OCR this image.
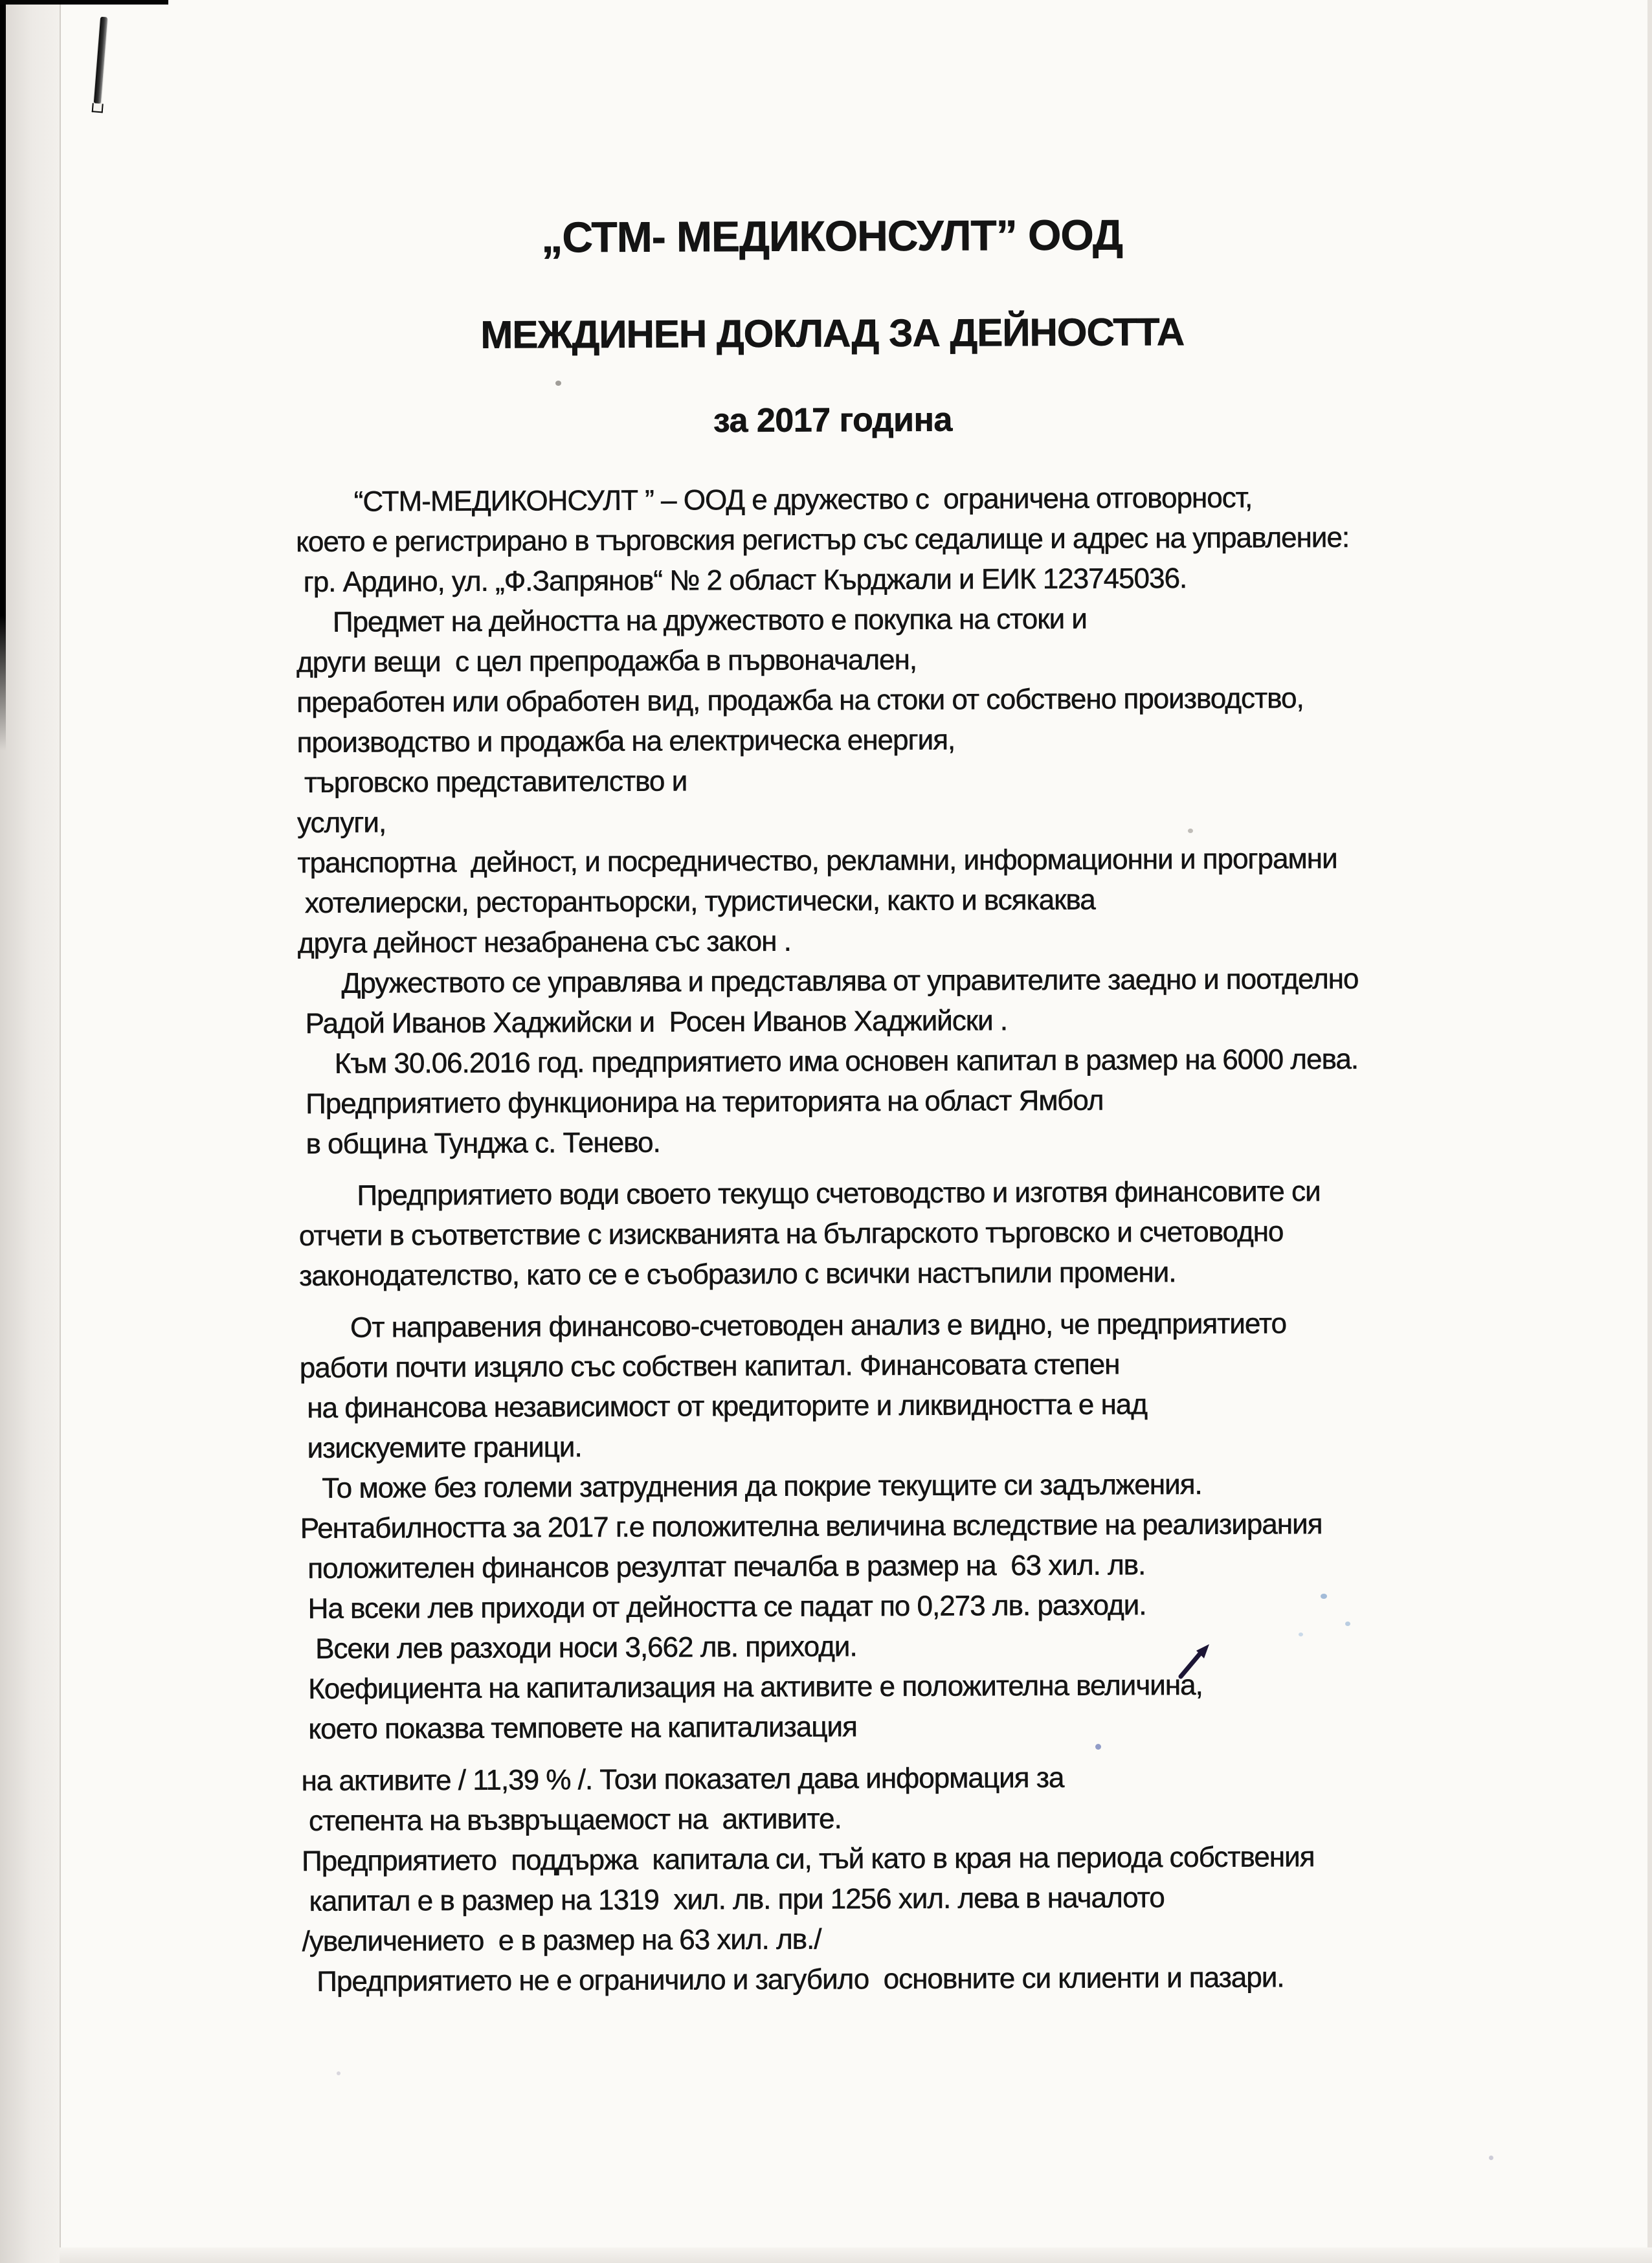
„СТМ- МЕДИКОНСУЛТ” ООД
МЕЖДИНЕН ДОКЛАД ЗА ДЕЙНОСТТА
за 2017 година
“СТМ-МЕДИКОНСУЛТ ” – ООД е дружество с  ограничена отговорност,
което е регистрирано в търговския регистър със седалище и адрес на управление:
гр. Ардино, ул. „Ф.Запрянов“ № 2 област Кърджали и ЕИК 123745036.
Предмет на дейността на дружеството е покупка на стоки и
други вещи  с цел препродажба в първоначален,
преработен или обработен вид, продажба на стоки от собствено производство,
производство и продажба на електрическа енергия,
търговско представителство и
услуги,
транспортна  дейност, и посредничество, рекламни, информационни и програмни
хотелиерски, ресторантьорски, туристически, както и всякаква
друга дейност незабранена със закон .
Дружеството се управлява и представлява от управителите заедно и поотделно
Радой Иванов Хаджийски и  Росен Иванов Хаджийски .
Към 30.06.2016 год. предприятието има основен капитал в размер на 6000 лева.
Предприятието функционира на територията на област Ямбол
в община Тунджа с. Тенево.
Предприятието води своето текущо счетоводство и изготвя финансовите си
отчети в съответствие с изискванията на българското търговско и счетоводно
законодателство, като се е съобразило с всички настъпили промени.
От направения финансово-счетоводен анализ е видно, че предприятието
работи почти изцяло със собствен капитал. Финансовата степен
на финансова независимост от кредиторите и ликвидността е над
изискуемите граници.
То може без големи затруднения да покрие текущите си задължения.
Рентабилността за 2017 г.е положителна величина вследствие на реализирания
положителен финансов резултат печалба в размер на  63 хил. лв.
На всеки лев приходи от дейността се падат по 0,273 лв. разходи.
Всеки лев разходи носи 3,662 лв. приходи.
Коефициента на капитализация на активите е положителна величина,
което показва темповете на капитализация
на активите / 11,39 % /. Този показател дава информация за
степента на възвръщаемост на  активите.
Предприятието  поддържа  капитала си, тъй като в края на периода собствения
капитал е в размер на 1319  хил. лв. при 1256 хил. лева в началото
/увеличението  е в размер на 63 хил. лв./
Предприятието не е ограничило и загубило  основните си клиенти и пазари.
